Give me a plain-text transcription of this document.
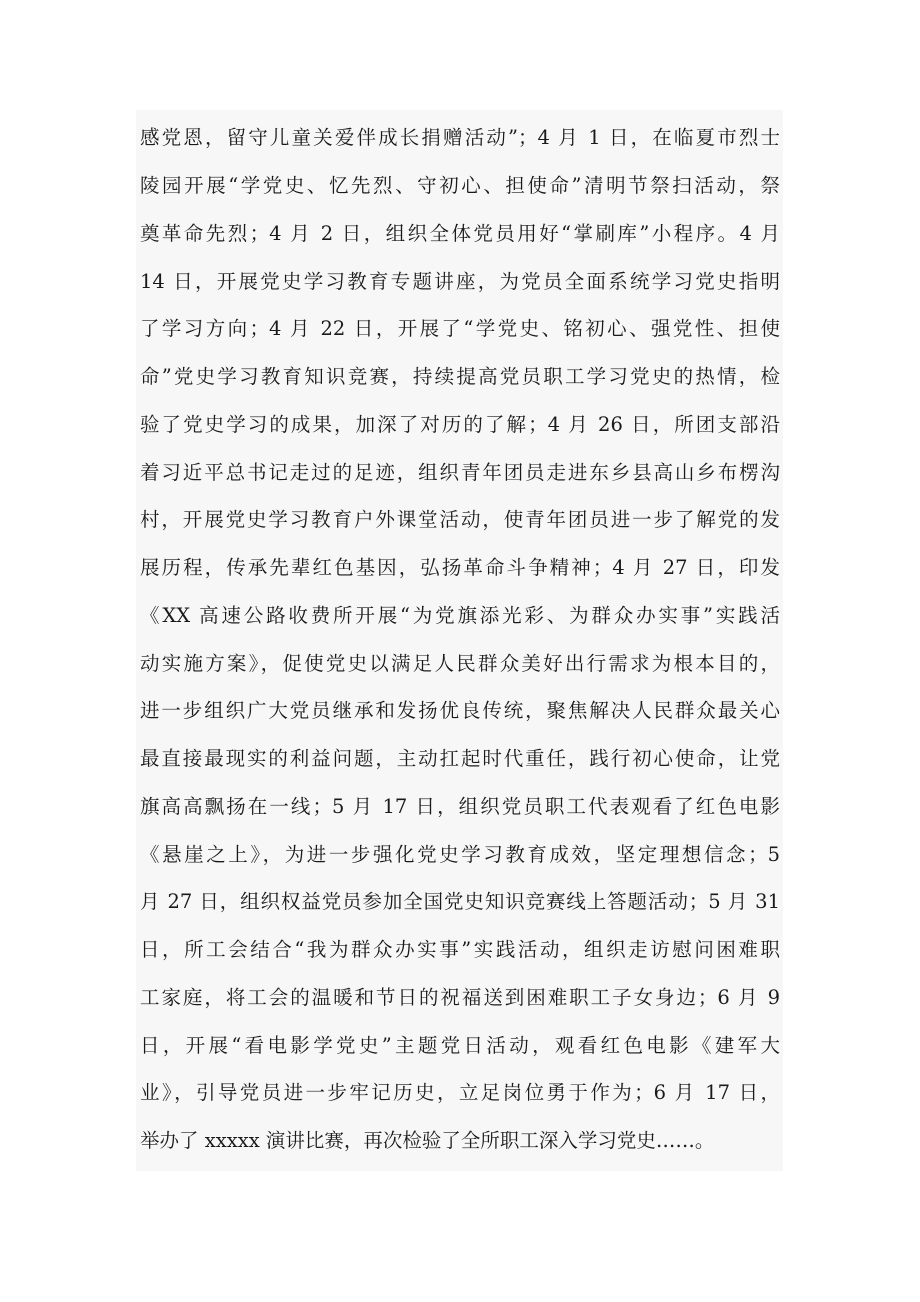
感党恩，留守儿童关爱伴成长捐赠活动”；4 月 1 日，在临夏市烈士
陵园开展“学党史、忆先烈、守初心、担使命”清明节祭扫活动，祭
奠革命先烈；4 月 2 日，组织全体党员用好“掌刷库”小程序。4 月
14 日，开展党史学习教育专题讲座，为党员全面系统学习党史指明
了学习方向；4 月 22 日，开展了“学党史、铭初心、强党性、担使
命”党史学习教育知识竞赛，持续提高党员职工学习党史的热情，检
验了党史学习的成果，加深了对历的了解；4 月 26 日，所团支部沿
着习近平总书记走过的足迹，组织青年团员走进东乡县高山乡布楞沟
村，开展党史学习教育户外课堂活动，使青年团员进一步了解党的发
展历程，传承先辈红色基因，弘扬革命斗争精神；4 月 27 日，印发
《XX 高速公路收费所开展“为党旗添光彩、为群众办实事”实践活
动实施方案》，促使党史以满足人民群众美好出行需求为根本目的，
进一步组织广大党员继承和发扬优良传统，聚焦解决人民群众最关心
最直接最现实的利益问题，主动扛起时代重任，践行初心使命，让党
旗高高飘扬在一线；5 月 17 日，组织党员职工代表观看了红色电影
《悬崖之上》，为进一步强化党史学习教育成效，坚定理想信念；5
月 27 日，组织权益党员参加全国党史知识竞赛线上答题活动；5 月 31
日，所工会结合“我为群众办实事”实践活动，组织走访慰问困难职
工家庭，将工会的温暖和节日的祝福送到困难职工子女身边；6 月 9
日，开展“看电影学党史”主题党日活动，观看红色电影《建军大
业》，引导党员进一步牢记历史，立足岗位勇于作为；6 月 17 日，
举办了 xxxxx 演讲比赛，再次检验了全所职工深入学习党史……。
